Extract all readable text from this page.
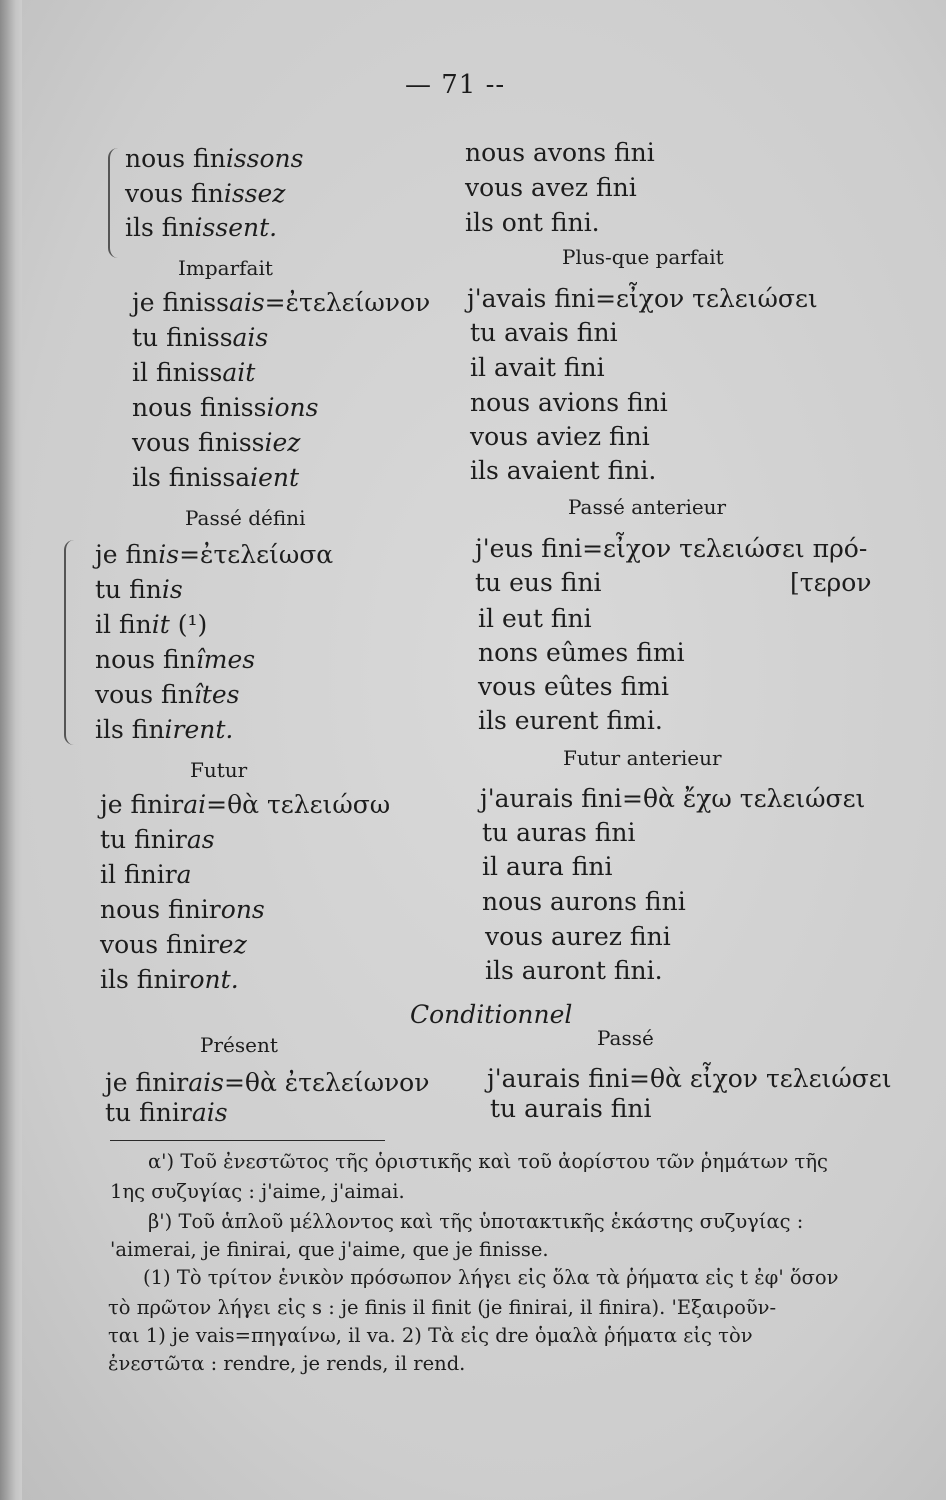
— 71 --
nous finissons
vous finissez
ils finissent.
Imparfait
je finissais=ἐτελείωνον
tu finissais
il finissait
nous finissions
vous finissiez
ils finissaient
Passé défini
je finis=ἐτελείωσα
tu finis
il finit (¹)
nous finîmes
vous finîtes
ils finirent.
Futur
je finirai=θὰ τελειώσω
tu finiras
il finira
nous finirons
vous finirez
ils finiront.
Conditionnel
Présent
je finirais=θὰ ἐτελείωνον
tu finirais
nous avons fini
vous avez fini
ils ont fini.
Plus-que parfait
j'avais fini=εἶχον τελειώσει
tu avais fini
il avait fini
nous avions fini
vous aviez fini
ils avaient fini.
Passé anterieur
j'eus fini=εἶχον τελειώσει πρό-
tu eus fini	[τερον
il eut fini
nons eûmes fimi
vous eûtes fimi
ils eurent fimi.
Futur anterieur
j'aurais fini=θὰ ἔχω τελειώσει
tu auras fini
il aura fini
nous aurons fini
vous aurez fini
ils auront fini.
Passé
j'aurais fini=θὰ εἶχον τελειώσει
tu aurais fini
α') Τοῦ ἐνεστῶτος τῆς ὁριστικῆς καὶ τοῦ ἀορίστου τῶν ῥημάτων τῆς
1ης συζυγίας : j'aime, j'aimai.
β') Τοῦ ἁπλοῦ μέλλοντος καὶ τῆς ὑποτακτικῆς ἑκάστης συζυγίας :
'aimerai, je finirai, que j'aime, que je finisse.
(1) Τὸ τρίτον ἑνικὸν πρόσωπον λήγει εἰς ὅλα τὰ ῥήματα εἰς t ἐφ' ὅσον
τὸ πρῶτον λήγει εἰς s : je finis il finit (je finirai, il finira). 'Εξαιροῦν-
ται 1) je vais=πηγαίνω, il va. 2) Τὰ εἰς dre ὁμαλὰ ῥήματα εἰς τὸν
ἐνεστῶτα : rendre, je rends, il rend.
